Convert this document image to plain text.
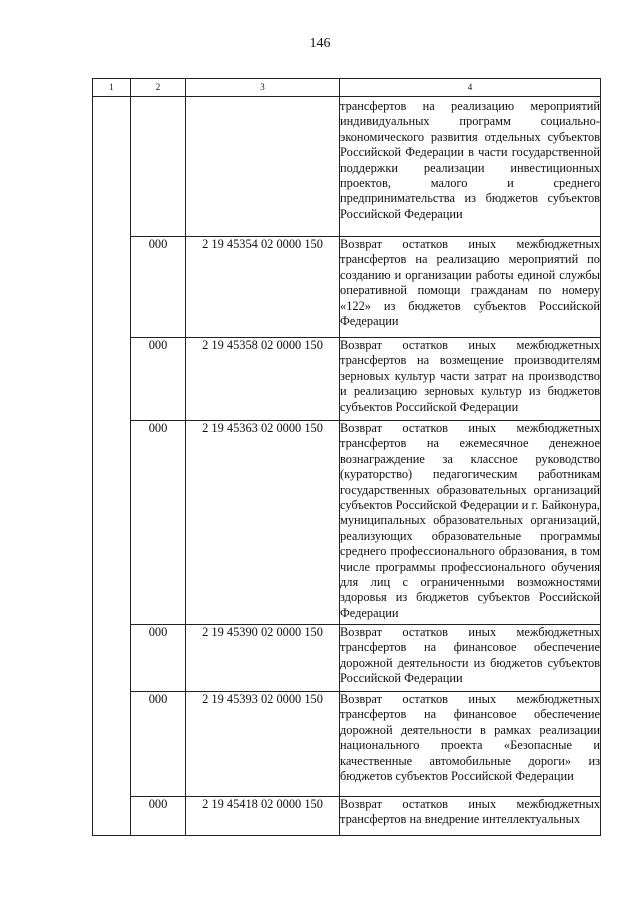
146
1	2	3	4
			трансфертов на реализацию мероприятий индивидуальных программ социально-экономического развития отдельных субъектов Российской Федерации в части государственной поддержки реализации инвестиционных проектов, малого и среднего предпринимательства из бюджетов субъектов Российской Федерации
	000	2 19 45354 02 0000 150	Возврат остатков иных межбюджетных трансфертов на реализацию мероприятий по созданию и организации работы единой службы оперативной помощи гражданам по номеру «122» из бюджетов субъектов Российской Федерации
	000	2 19 45358 02 0000 150	Возврат остатков иных межбюджетных трансфертов на возмещение производителям зерновых культур части затрат на производство и реализацию зерновых культур из бюджетов субъектов Российской Федерации
	000	2 19 45363 02 0000 150	Возврат остатков иных межбюджетных трансфертов на ежемесячное денежное вознаграждение за классное руководство (кураторство) педагогическим работникам государственных образовательных организаций субъектов Российской Федерации и г. Байконура, муниципальных образовательных организаций, реализующих образовательные программы среднего профессионального образования, в том числе программы профессионального обучения для лиц с ограниченными возможностями здоровья из бюджетов субъектов Российской Федерации
	000	2 19 45390 02 0000 150	Возврат остатков иных межбюджетных трансфертов на финансовое обеспечение дорожной деятельности из бюджетов субъектов Российской Федерации
	000	2 19 45393 02 0000 150	Возврат остатков иных межбюджетных трансфертов на финансовое обеспечение дорожной деятельности в рамках реализации национального проекта «Безопасные и качественные автомобильные дороги» из бюджетов субъектов Российской Федерации
	000	2 19 45418 02 0000 150	Возврат остатков иных межбюджетных трансфертов на внедрение интеллектуальных
